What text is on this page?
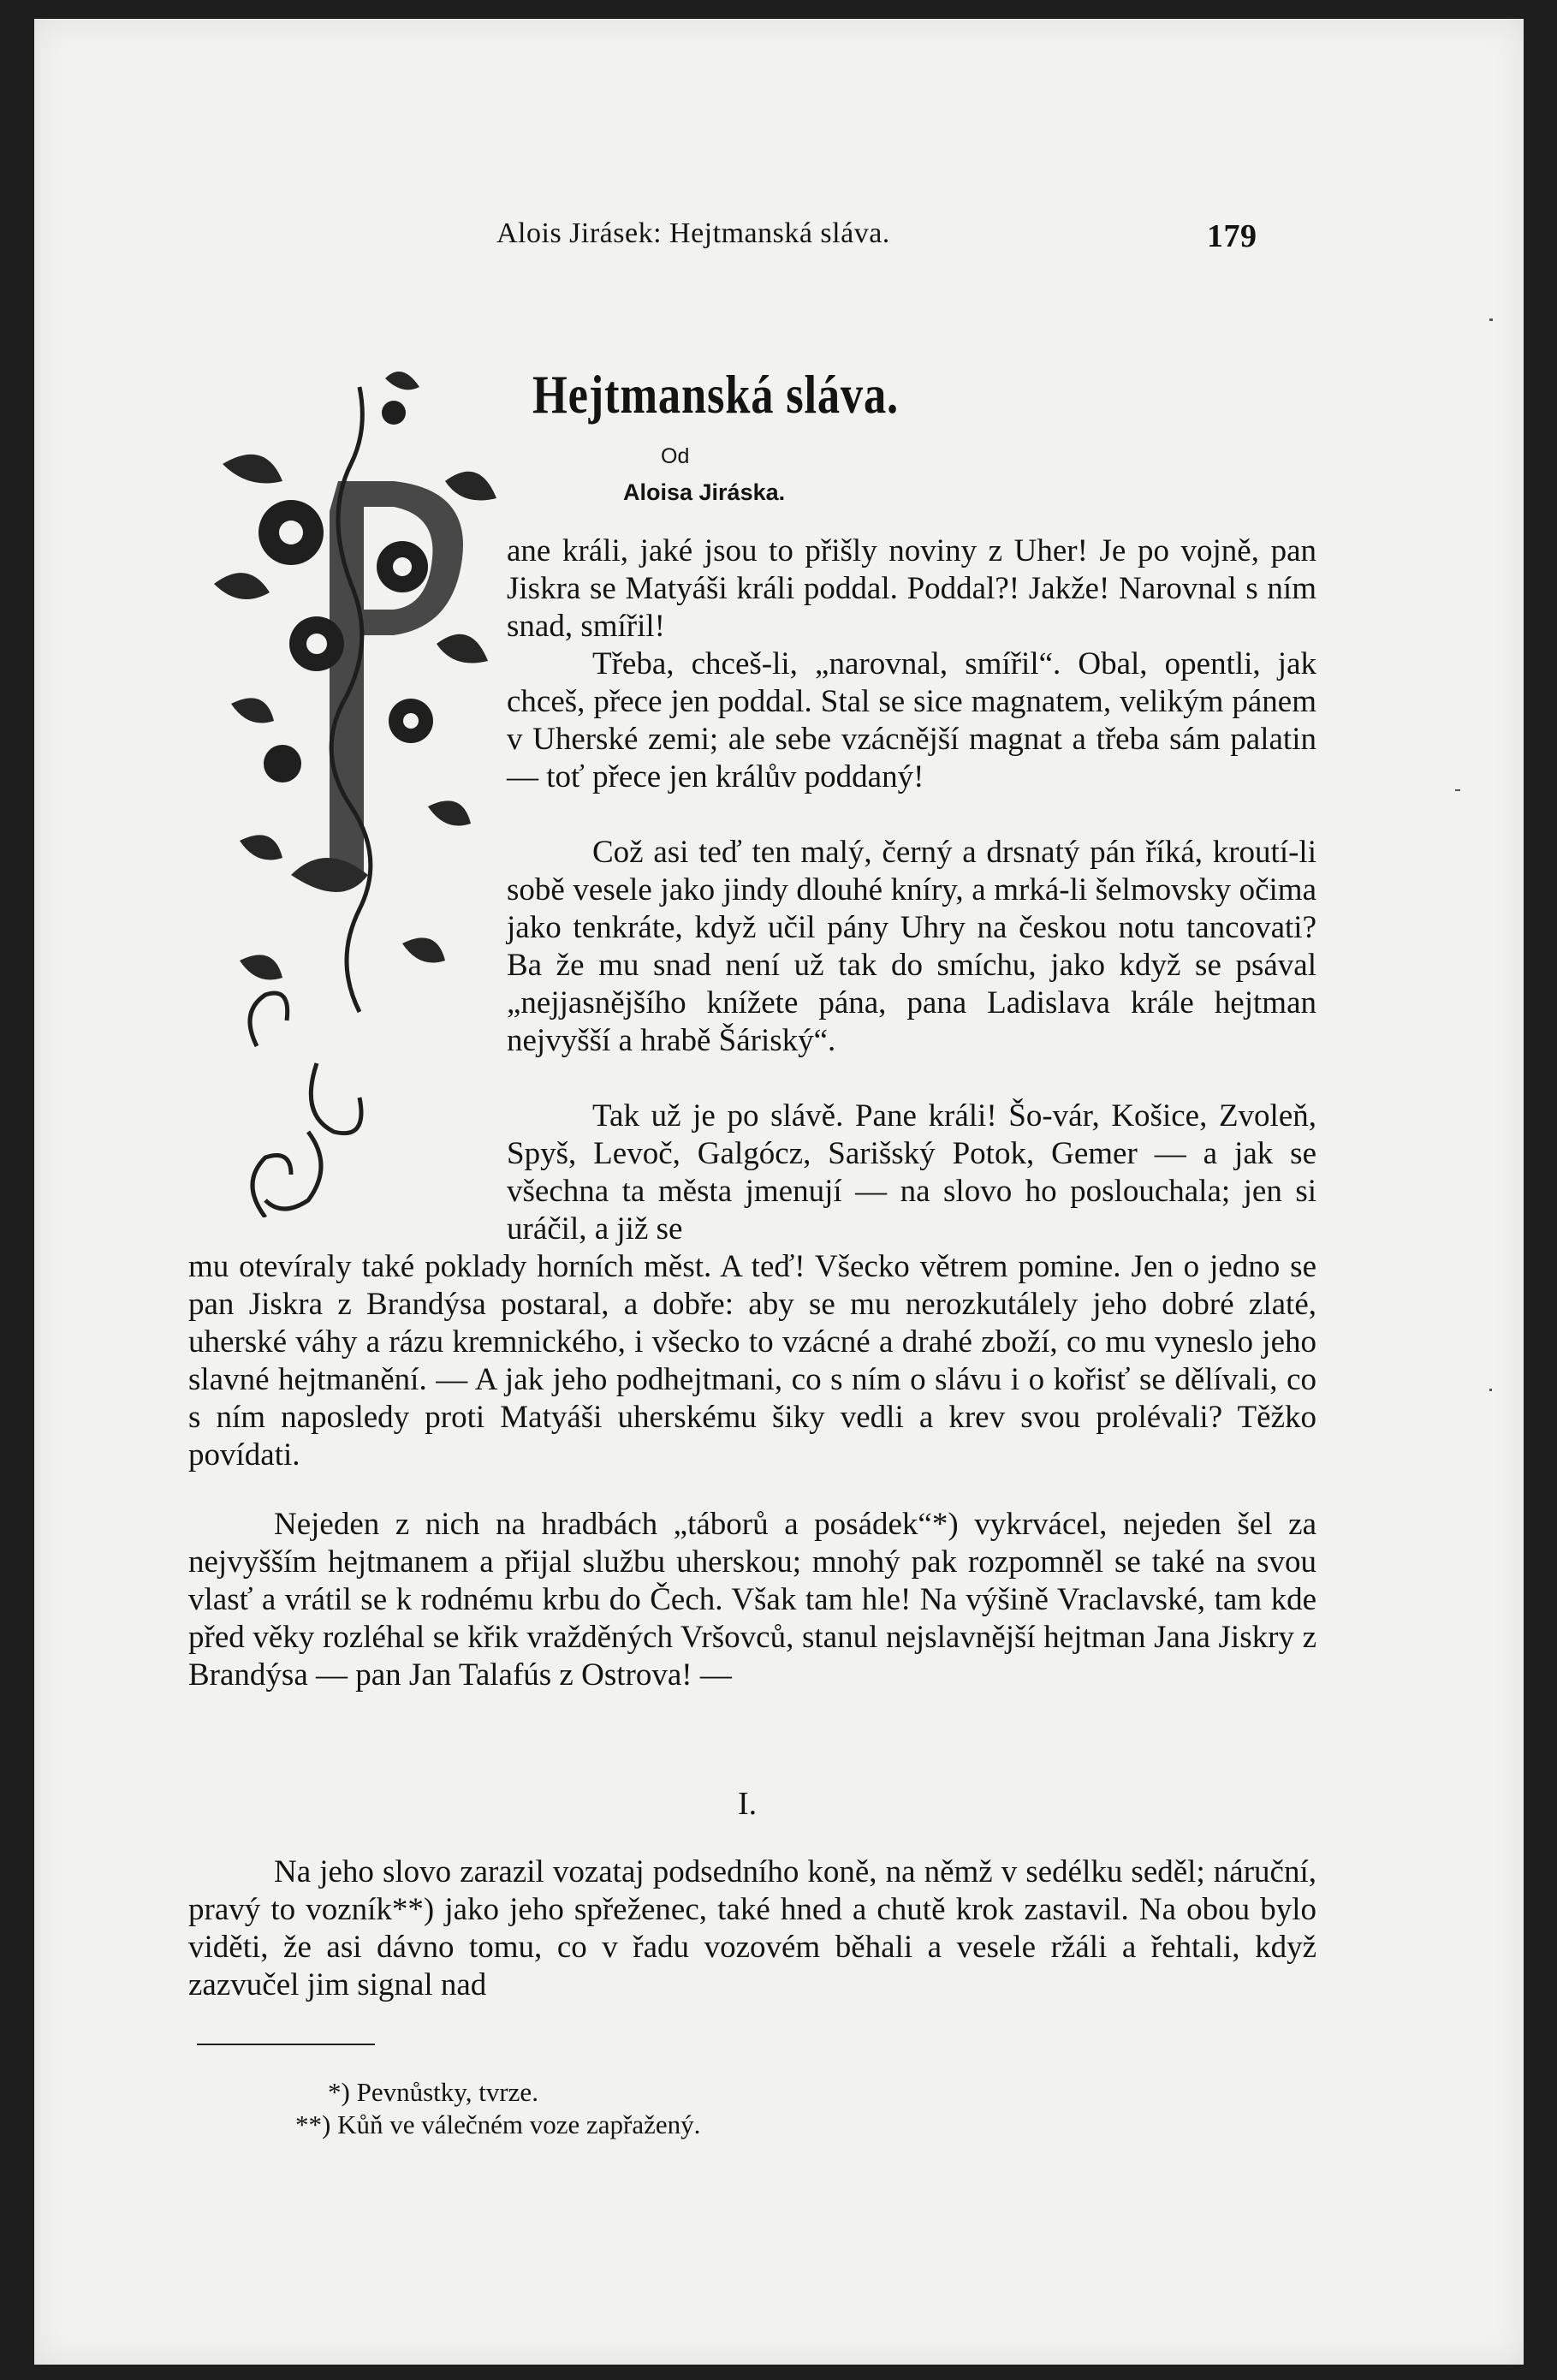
Alois Jirásek: Hejtmanská sláva.	179
Hejtmanská sláva.
Od
Aloisa Jiráska.

ane králi, jaké jsou to přišly noviny z Uher! Je po vojně, pan Jiskra se Matyáši králi poddal. Poddal?! Jakže! Narovnal s ním snad, smířil!

Třeba, chceš-li, „narovnal, smířil“. Obal, opentli, jak chceš, přece jen poddal. Stal se sice magnatem, velikým pánem v Uherské zemi; ale sebe vzácnější magnat a třeba sám palatin — toť přece jen králův poddaný!

Což asi teď ten malý, černý a drsnatý pán říká, kroutí-li sobě vesele jako jindy dlouhé kníry, a mrká-li šelmovsky očima jako tenkráte, když učil pány Uhry na českou notu tancovati? Ba že mu snad není už tak do smíchu, jako když se psával „nejjasnějšího knížete pána, pana Ladislava krále hejtman nejvyšší a hrabě Šáriský“.

Tak už je po slávě. Pane králi! Šo-vár, Košice, Zvoleň, Spyš, Levoč, Galgócz, Sarišský Potok, Gemer — a jak se všechna ta města jmenují — na slovo ho poslouchala; jen si uráčil, a již se

mu otevíraly také poklady horních měst. A teď! Všecko větrem pomine. Jen o jedno se pan Jiskra z Brandýsa postaral, a dobře: aby se mu nerozkutálely jeho dobré zlaté, uherské váhy a rázu kremnického, i všecko to vzácné a drahé zboží, co mu vyneslo jeho slavné hejtmanění. — A jak jeho podhejtmani, co s ním o slávu i o kořisť se dělívali, co s ním naposledy proti Matyáši uherskému šiky vedli a krev svou prolévali? Těžko povídati.

Nejeden z nich na hradbách „táborů a posádek“*) vykrvácel, nejeden šel za nejvyšším hejtmanem a přijal službu uherskou; mnohý pak rozpomněl se také na svou vlasť a vrátil se k rodnému krbu do Čech. Však tam hle! Na výšině Vraclavské, tam kde před věky rozléhal se křik vražděných Vršovců, stanul nejslavnější hejtman Jana Jiskry z Brandýsa — pan Jan Talafús z Ostrova! —

I.

Na jeho slovo zarazil vozataj podsedního koně, na němž v sedélku seděl; náruční, pravý to vozník**) jako jeho spřeženec, také hned a chutě krok zastavil. Na obou bylo viděti, že asi dávno tomu, co v řadu vozovém běhali a vesele ržáli a řehtali, když zazvučel jim signal nad

*) Pevnůstky, tvrze.
**) Kůň ve válečném voze zapřažený.
